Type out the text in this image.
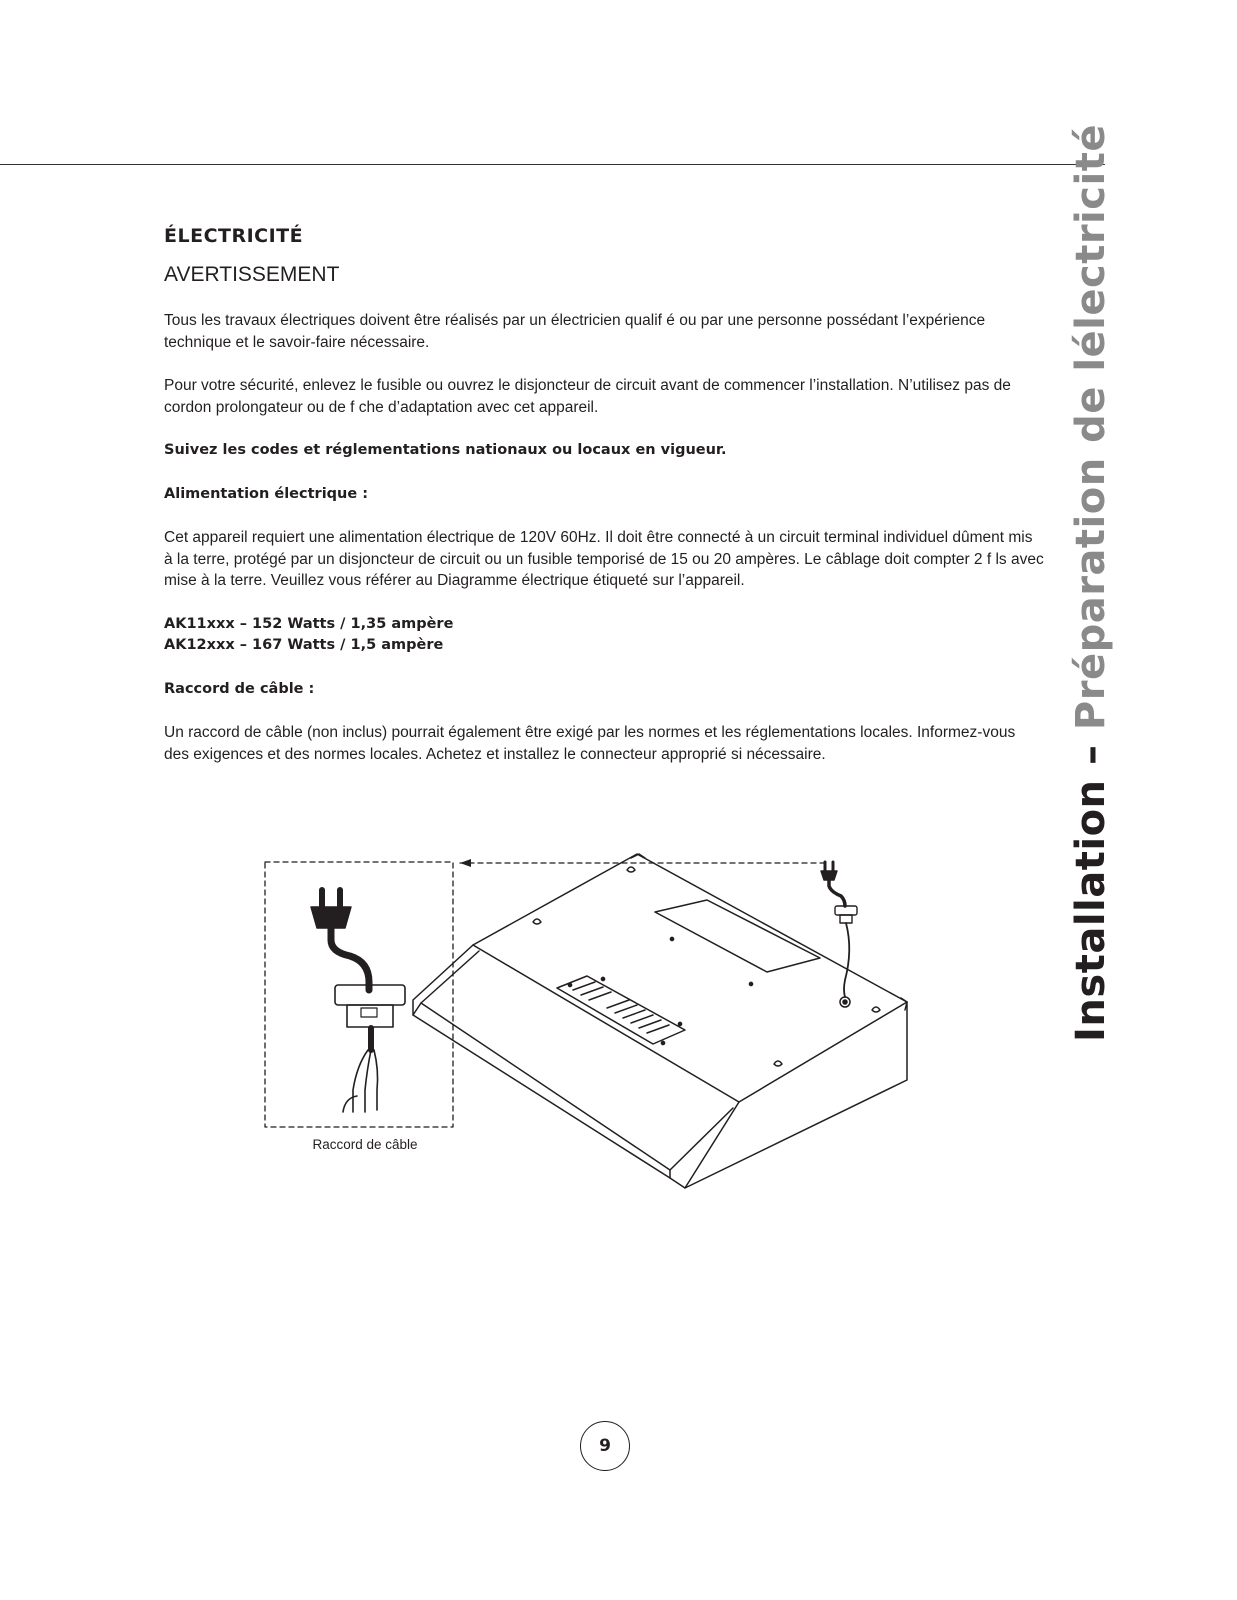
Installation – Préparation de lélectricité
ÉLECTRICITÉ
AVERTISSEMENT

Tous les travaux électriques doivent être réalisés par un électricien qualif é ou par une personne possédant l’expérience technique et le savoir-faire nécessaire.

Pour votre sécurité, enlevez le fusible ou ouvrez le disjoncteur de circuit avant de commencer l’installation. N’utilisez pas de cordon prolongateur ou de f che d’adaptation avec cet appareil.

Suivez les codes et réglementations nationaux ou locaux en vigueur.

Alimentation électrique :

Cet appareil requiert une alimentation électrique de 120V 60Hz. Il doit être connecté à un circuit terminal individuel dûment mis à la terre, protégé par un disjoncteur de circuit ou un fusible temporisé de 15 ou 20 ampères. Le câblage doit compter 2 f ls avec mise à la terre. Veuillez vous référer au Diagramme électrique étiqueté sur l’appareil.

AK11xxx – 152 Watts / 1,35 ampère

AK12xxx – 167 Watts / 1,5 ampère

Raccord de câble :

Un raccord de câble (non inclus) pourrait également être exigé par les normes et les réglementations locales. Informez-vous des exigences et des normes locales. Achetez et installez le connecteur approprié si nécessaire.

Raccord de câble
9
